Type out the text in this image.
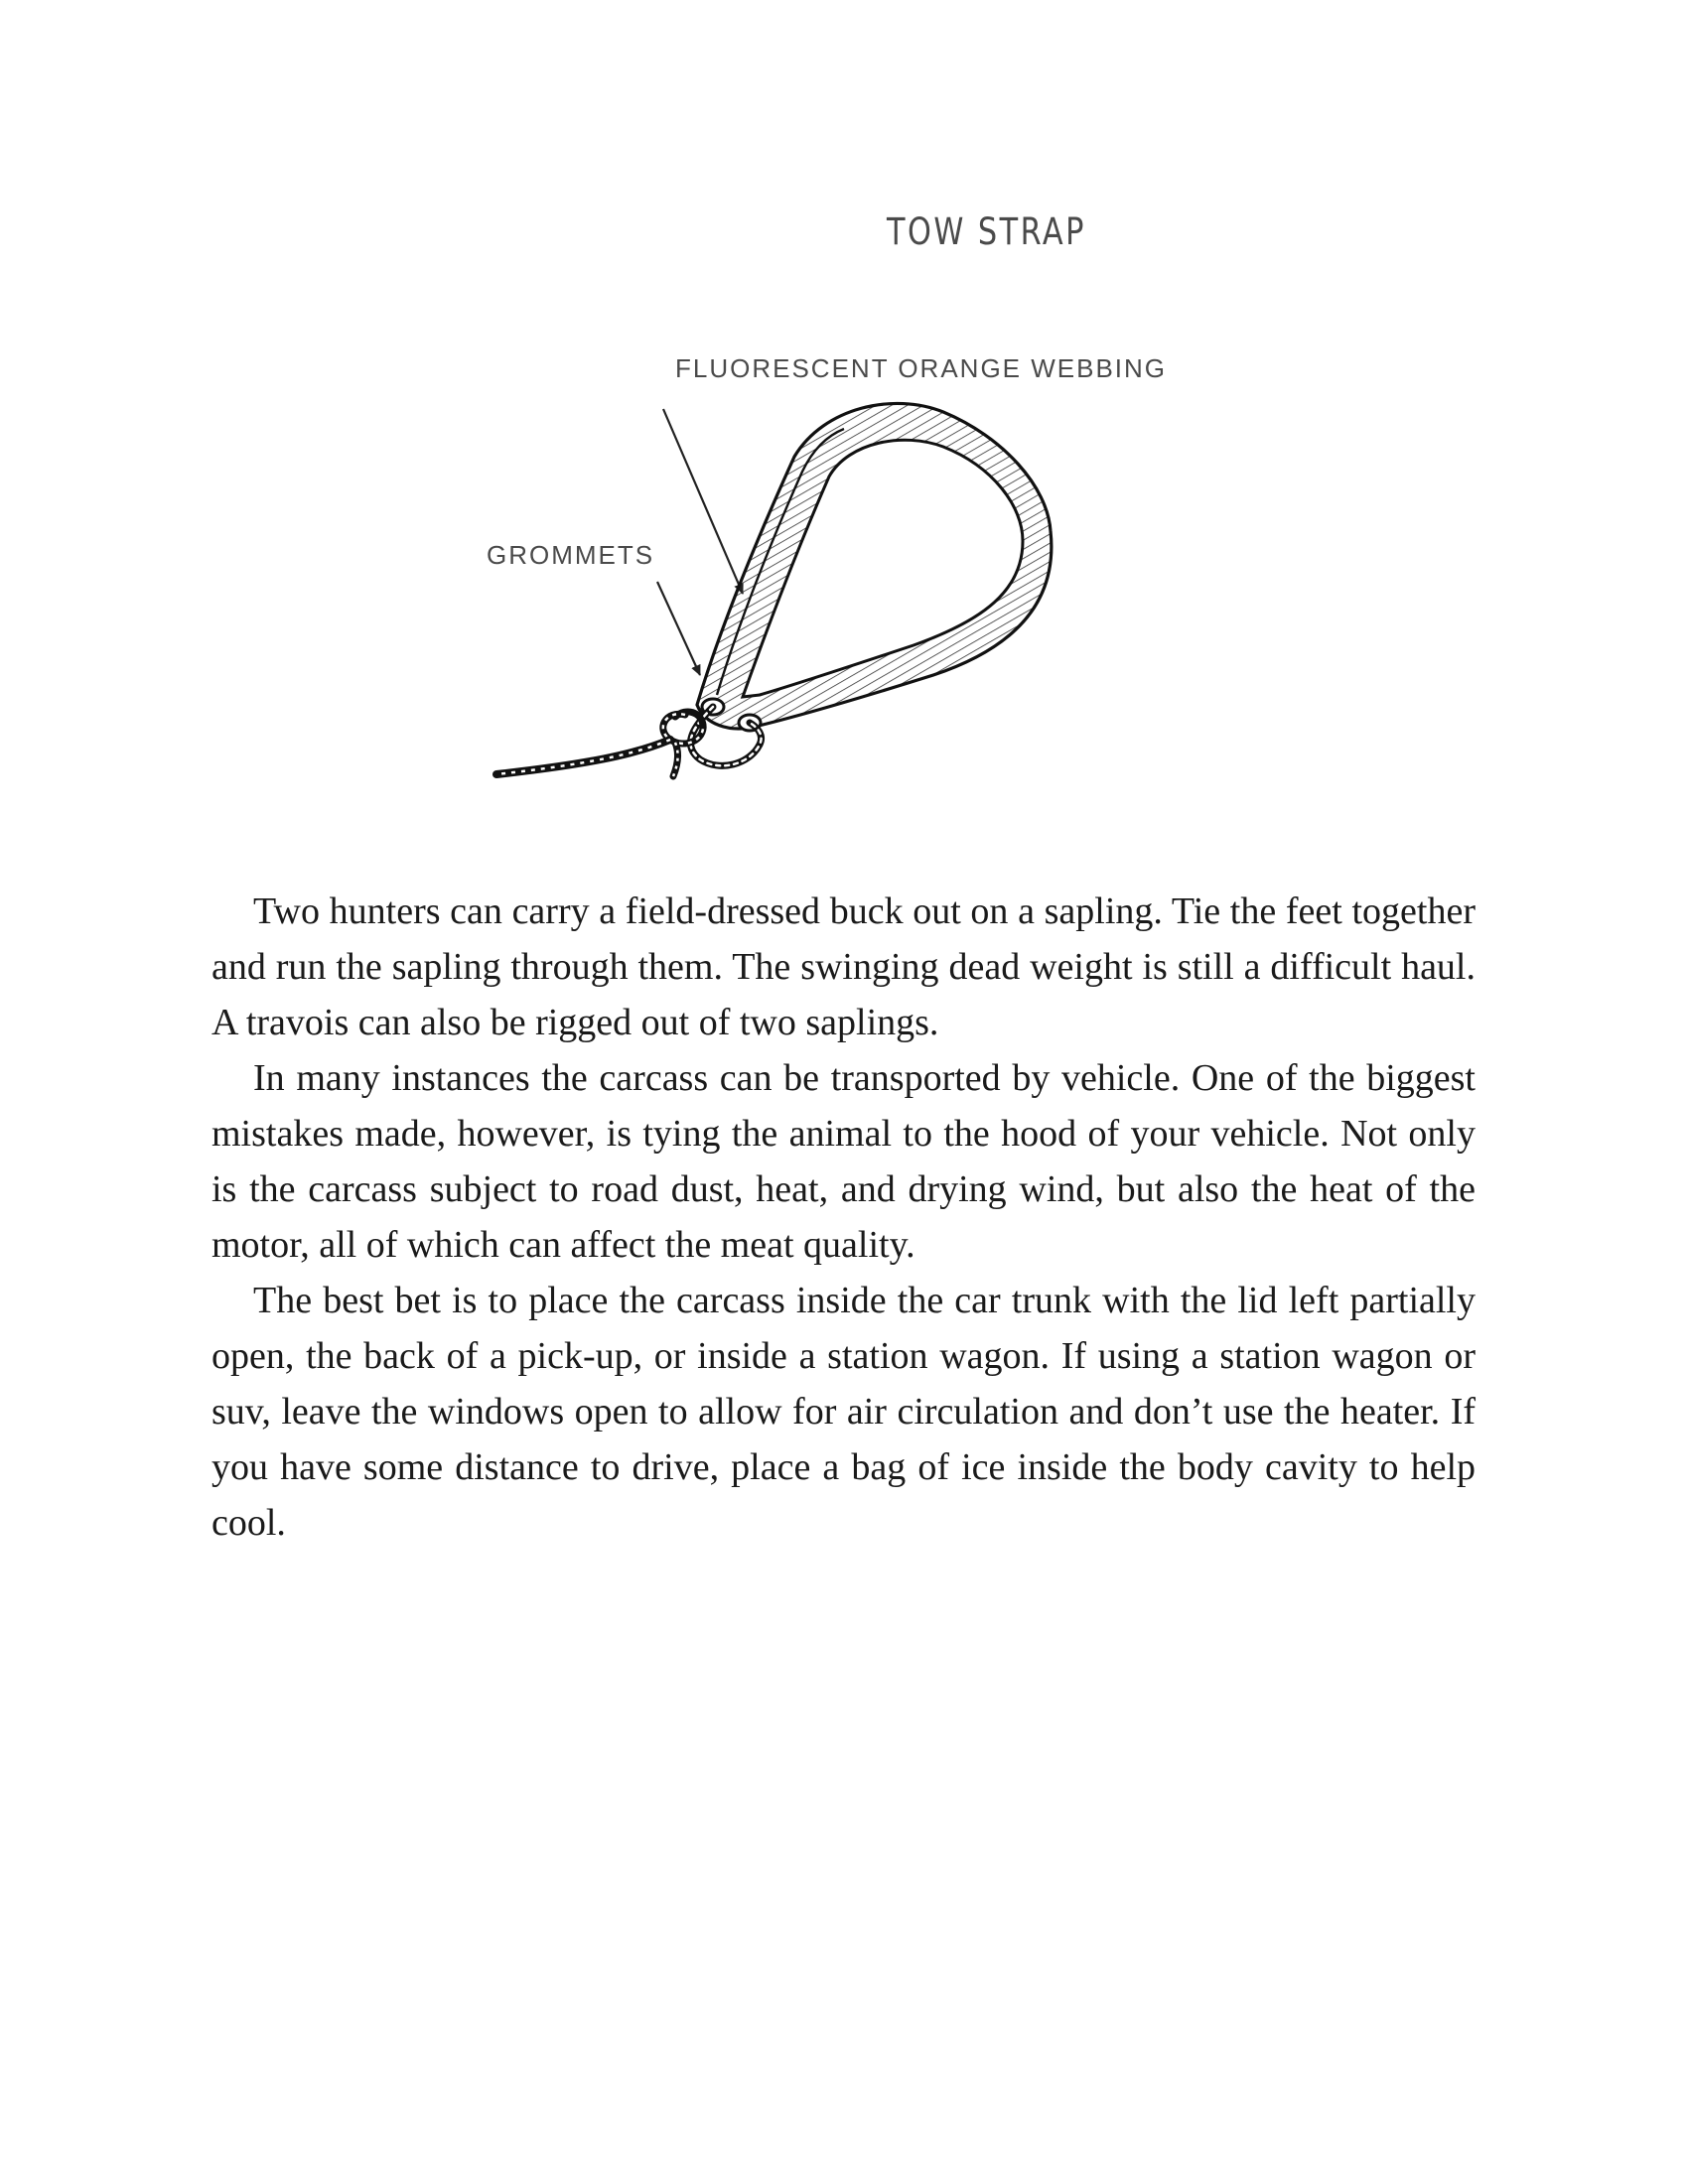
TOW STRAP
FLUORESCENT ORANGE WEBBING
GROMMETS

Two hunters can carry a field-dressed buck out on a sapling. Tie the feet together and run the sapling through them. The swinging dead weight is still a difficult haul. A travois can also be rigged out of two saplings.

In many instances the carcass can be transported by vehicle. One of the biggest mistakes made, however, is tying the animal to the hood of your vehicle. Not only is the carcass subject to road dust, heat, and drying wind, but also the heat of the motor, all of which can affect the meat quality.

The best bet is to place the carcass inside the car trunk with the lid left partially open, the back of a pick-up, or inside a station wagon. If using a station wagon or suv, leave the windows open to allow for air circulation and don’t use the heater. If you have some distance to drive, place a bag of ice inside the body cavity to help cool.
